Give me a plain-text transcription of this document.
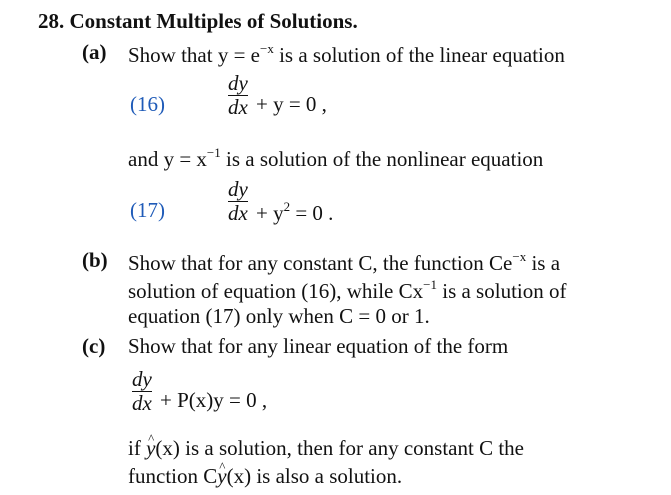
28. Constant Multiples of Solutions.
(a) Show that $y = e^{-x}$ is a solution of the linear equation
(16)
dy
dx + y = 0 ,
and $y = x^{-1}$ is a solution of the nonlinear equation
(17)
dy
dx + $y^2 = 0$ .
(b) Show that for any constant C, the function $Ce^{-x}$ is a
solution of equation (16), while $Cx^{-1}$ is a solution of
equation (17) only when C = 0 or 1.
(c) Show that for any linear equation of the form
dy
dx + P(x)y = 0 ,
if ^ y(x) is a solution, then for any constant C the
function C^ y(x) is also a solution.
